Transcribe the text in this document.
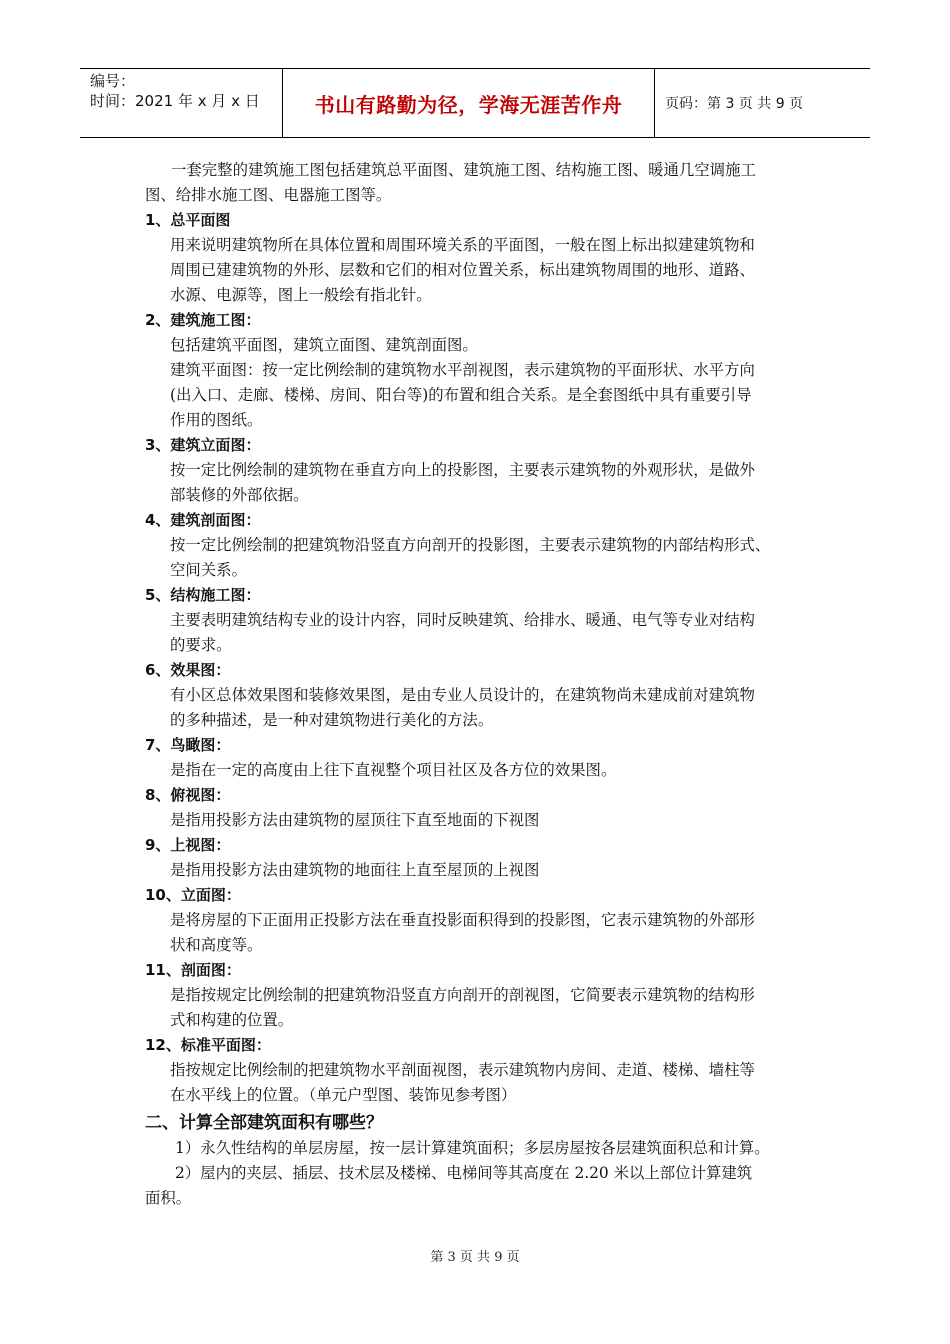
编号：
时间：2021 年 x 月 x 日	书山有路勤为径，学海无涯苦作舟	页码：第 3 页 共 9 页
一套完整的建筑施工图包括建筑总平面图、建筑施工图、结构施工图、暖通几空调施工
图、给排水施工图、电器施工图等。
1、总平面图
用来说明建筑物所在具体位置和周围环境关系的平面图，一般在图上标出拟建建筑物和
周围已建建筑物的外形、层数和它们的相对位置关系，标出建筑物周围的地形、道路、
水源、电源等，图上一般绘有指北针。
2、建筑施工图：
包括建筑平面图，建筑立面图、建筑剖面图。
建筑平面图：按一定比例绘制的建筑物水平剖视图，表示建筑物的平面形状、水平方向
(出入口、走廊、楼梯、房间、阳台等)的布置和组合关系。是全套图纸中具有重要引导
作用的图纸。
3、建筑立面图：
按一定比例绘制的建筑物在垂直方向上的投影图，主要表示建筑物的外观形状，是做外
部装修的外部依据。
4、建筑剖面图：
按一定比例绘制的把建筑物沿竖直方向剖开的投影图，主要表示建筑物的内部结构形式、
空间关系。
5、结构施工图：
主要表明建筑结构专业的设计内容，同时反映建筑、给排水、暖通、电气等专业对结构
的要求。
6、效果图：
有小区总体效果图和装修效果图，是由专业人员设计的，在建筑物尚未建成前对建筑物
的多种描述，是一种对建筑物进行美化的方法。
7、鸟瞰图：
是指在一定的高度由上往下直视整个项目社区及各方位的效果图。
8、俯视图：
是指用投影方法由建筑物的屋顶往下直至地面的下视图
9、上视图：
是指用投影方法由建筑物的地面往上直至屋顶的上视图
10、立面图：
是将房屋的下正面用正投影方法在垂直投影面积得到的投影图，它表示建筑物的外部形
状和高度等。
11、剖面图：
是指按规定比例绘制的把建筑物沿竖直方向剖开的剖视图，它简要表示建筑物的结构形
式和构建的位置。
12、标准平面图：
指按规定比例绘制的把建筑物水平剖面视图，表示建筑物内房间、走道、楼梯、墙柱等
在水平线上的位置。（单元户型图、装饰见参考图）
二、计算全部建筑面积有哪些？
1）永久性结构的单层房屋，按一层计算建筑面积；多层房屋按各层建筑面积总和计算。
2）屋内的夹层、插层、技术层及楼梯、电梯间等其高度在 2.20 米以上部位计算建筑
面积。
第 3 页 共 9 页
